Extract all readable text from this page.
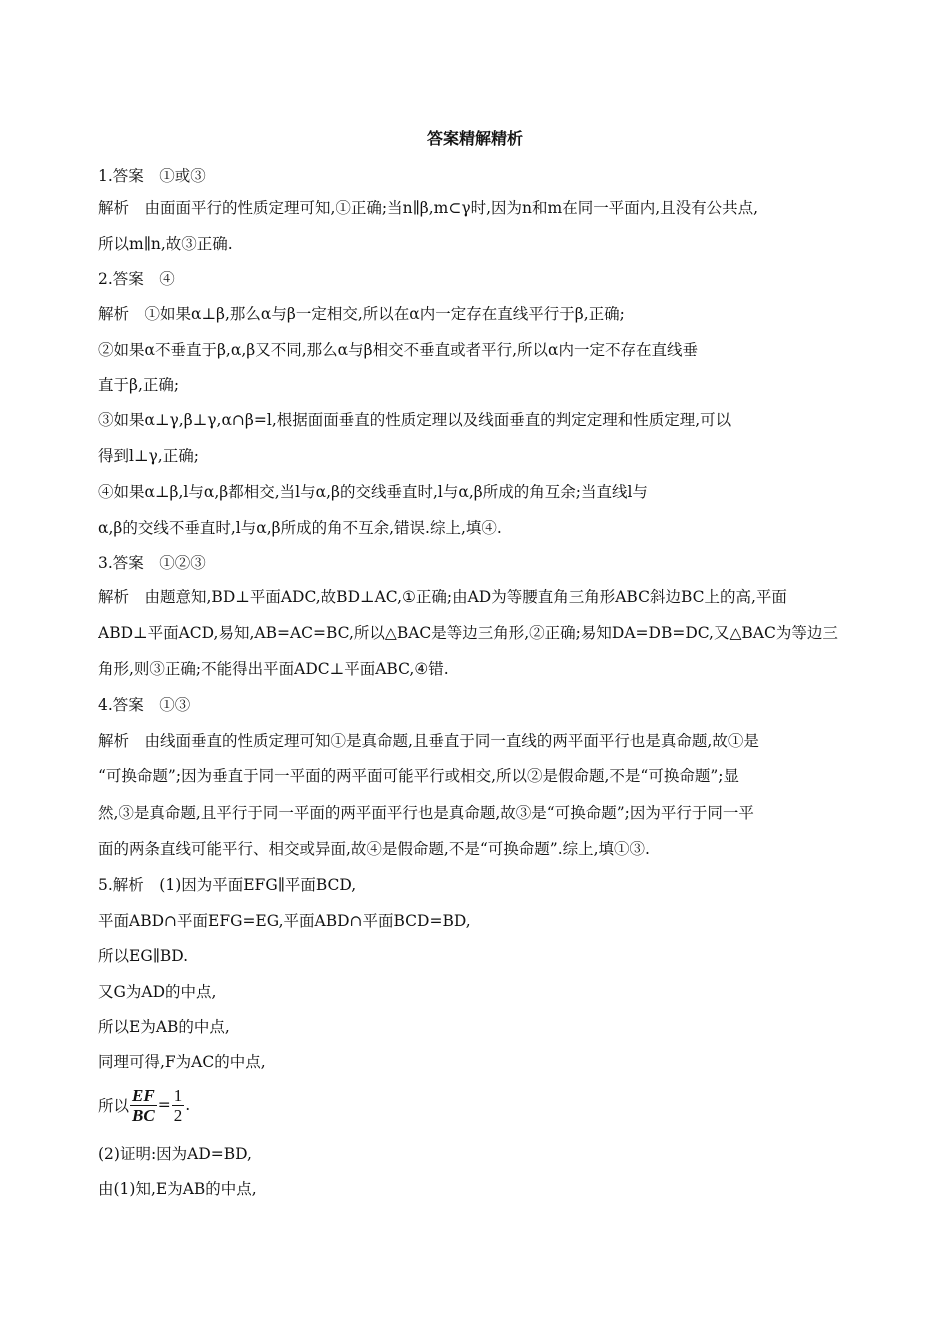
答案精解精析
1.答案　①或③
解析　由面面平行的性质定理可知,①正确;当n∥β,m⊂γ时,因为n和m在同一平面内,且没有公共点,
所以m∥n,故③正确.
2.答案　④
解析　①如果α⊥β,那么α与β一定相交,所以在α内一定存在直线平行于β,正确;
②如果α不垂直于β,α,β又不同,那么α与β相交不垂直或者平行,所以α内一定不存在直线垂
直于β,正确;
③如果α⊥γ,β⊥γ,α∩β=l,根据面面垂直的性质定理以及线面垂直的判定定理和性质定理,可以
得到l⊥γ,正确;
④如果α⊥β,l与α,β都相交,当l与α,β的交线垂直时,l与α,β所成的角互余;当直线l与
α,β的交线不垂直时,l与α,β所成的角不互余,错误.综上,填④.
3.答案　①②③
解析　由题意知,BD⊥平面ADC,故BD⊥AC,①正确;由AD为等腰直角三角形ABC斜边BC上的高,平面
ABD⊥平面ACD,易知,AB=AC=BC,所以△BAC是等边三角形,②正确;易知DA=DB=DC,又△BAC为等边三
角形,则③正确;不能得出平面ADC⊥平面ABC,④错.
4.答案　①③
解析　由线面垂直的性质定理可知①是真命题,且垂直于同一直线的两平面平行也是真命题,故①是
“可换命题”;因为垂直于同一平面的两平面可能平行或相交,所以②是假命题,不是“可换命题”;显
然,③是真命题,且平行于同一平面的两平面平行也是真命题,故③是“可换命题”;因为平行于同一平
面的两条直线可能平行、相交或异面,故④是假命题,不是“可换命题”.综上,填①③.
5.解析　(1)因为平面EFG∥平面BCD,
平面ABD∩平面EFG=EG,平面ABD∩平面BCD=BD,
所以EG∥BD.
又G为AD的中点,
所以E为AB的中点,
同理可得,F为AC的中点,
所以 $\frac{EF}{BC} = \frac{1}{2}$ .
(2)证明:因为AD=BD,
由(1)知,E为AB的中点,
